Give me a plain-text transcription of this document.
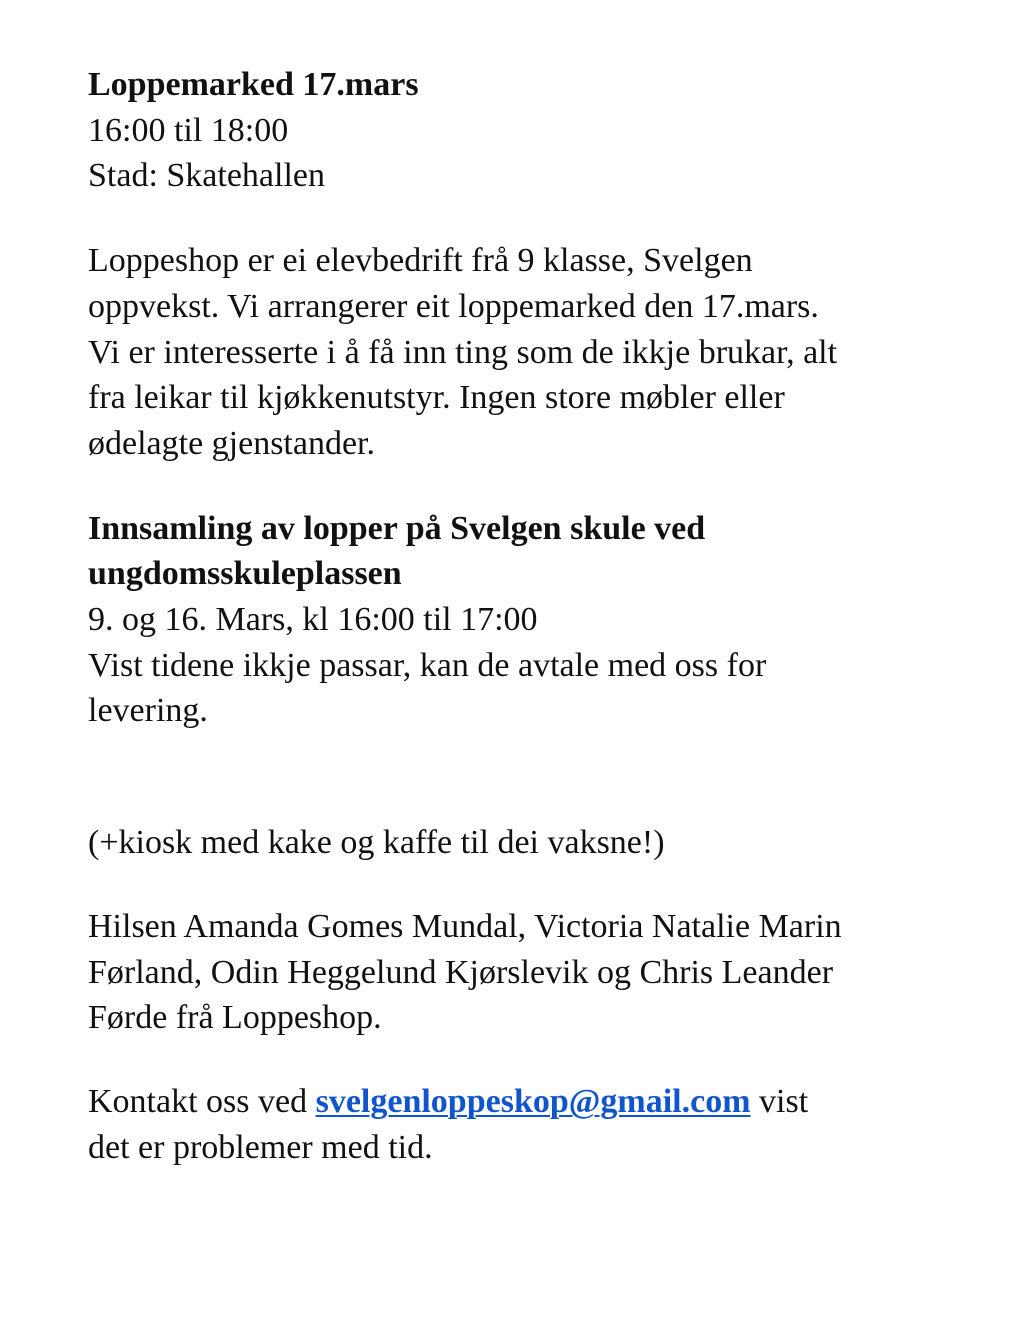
Loppemarked 17.mars
16:00 til 18:00
Stad: Skatehallen
Loppeshop er ei elevbedrift frå 9 klasse, Svelgen
oppvekst. Vi arrangerer eit loppemarked den 17.mars.
Vi er interesserte i å få inn ting som de ikkje brukar, alt
fra leikar til kjøkkenutstyr. Ingen store møbler eller
ødelagte gjenstander.
Innsamling av lopper på Svelgen skule ved
ungdomsskuleplassen
9. og 16. Mars, kl 16:00 til 17:00
Vist tidene ikkje passar, kan de avtale med oss for
levering.
(+kiosk med kake og kaffe til dei vaksne!)
Hilsen Amanda Gomes Mundal, Victoria Natalie Marin
Førland, Odin Heggelund Kjørslevik og Chris Leander
Førde frå Loppeshop.
Kontakt oss ved svelgenloppeskop@gmail.com vist
det er problemer med tid.
